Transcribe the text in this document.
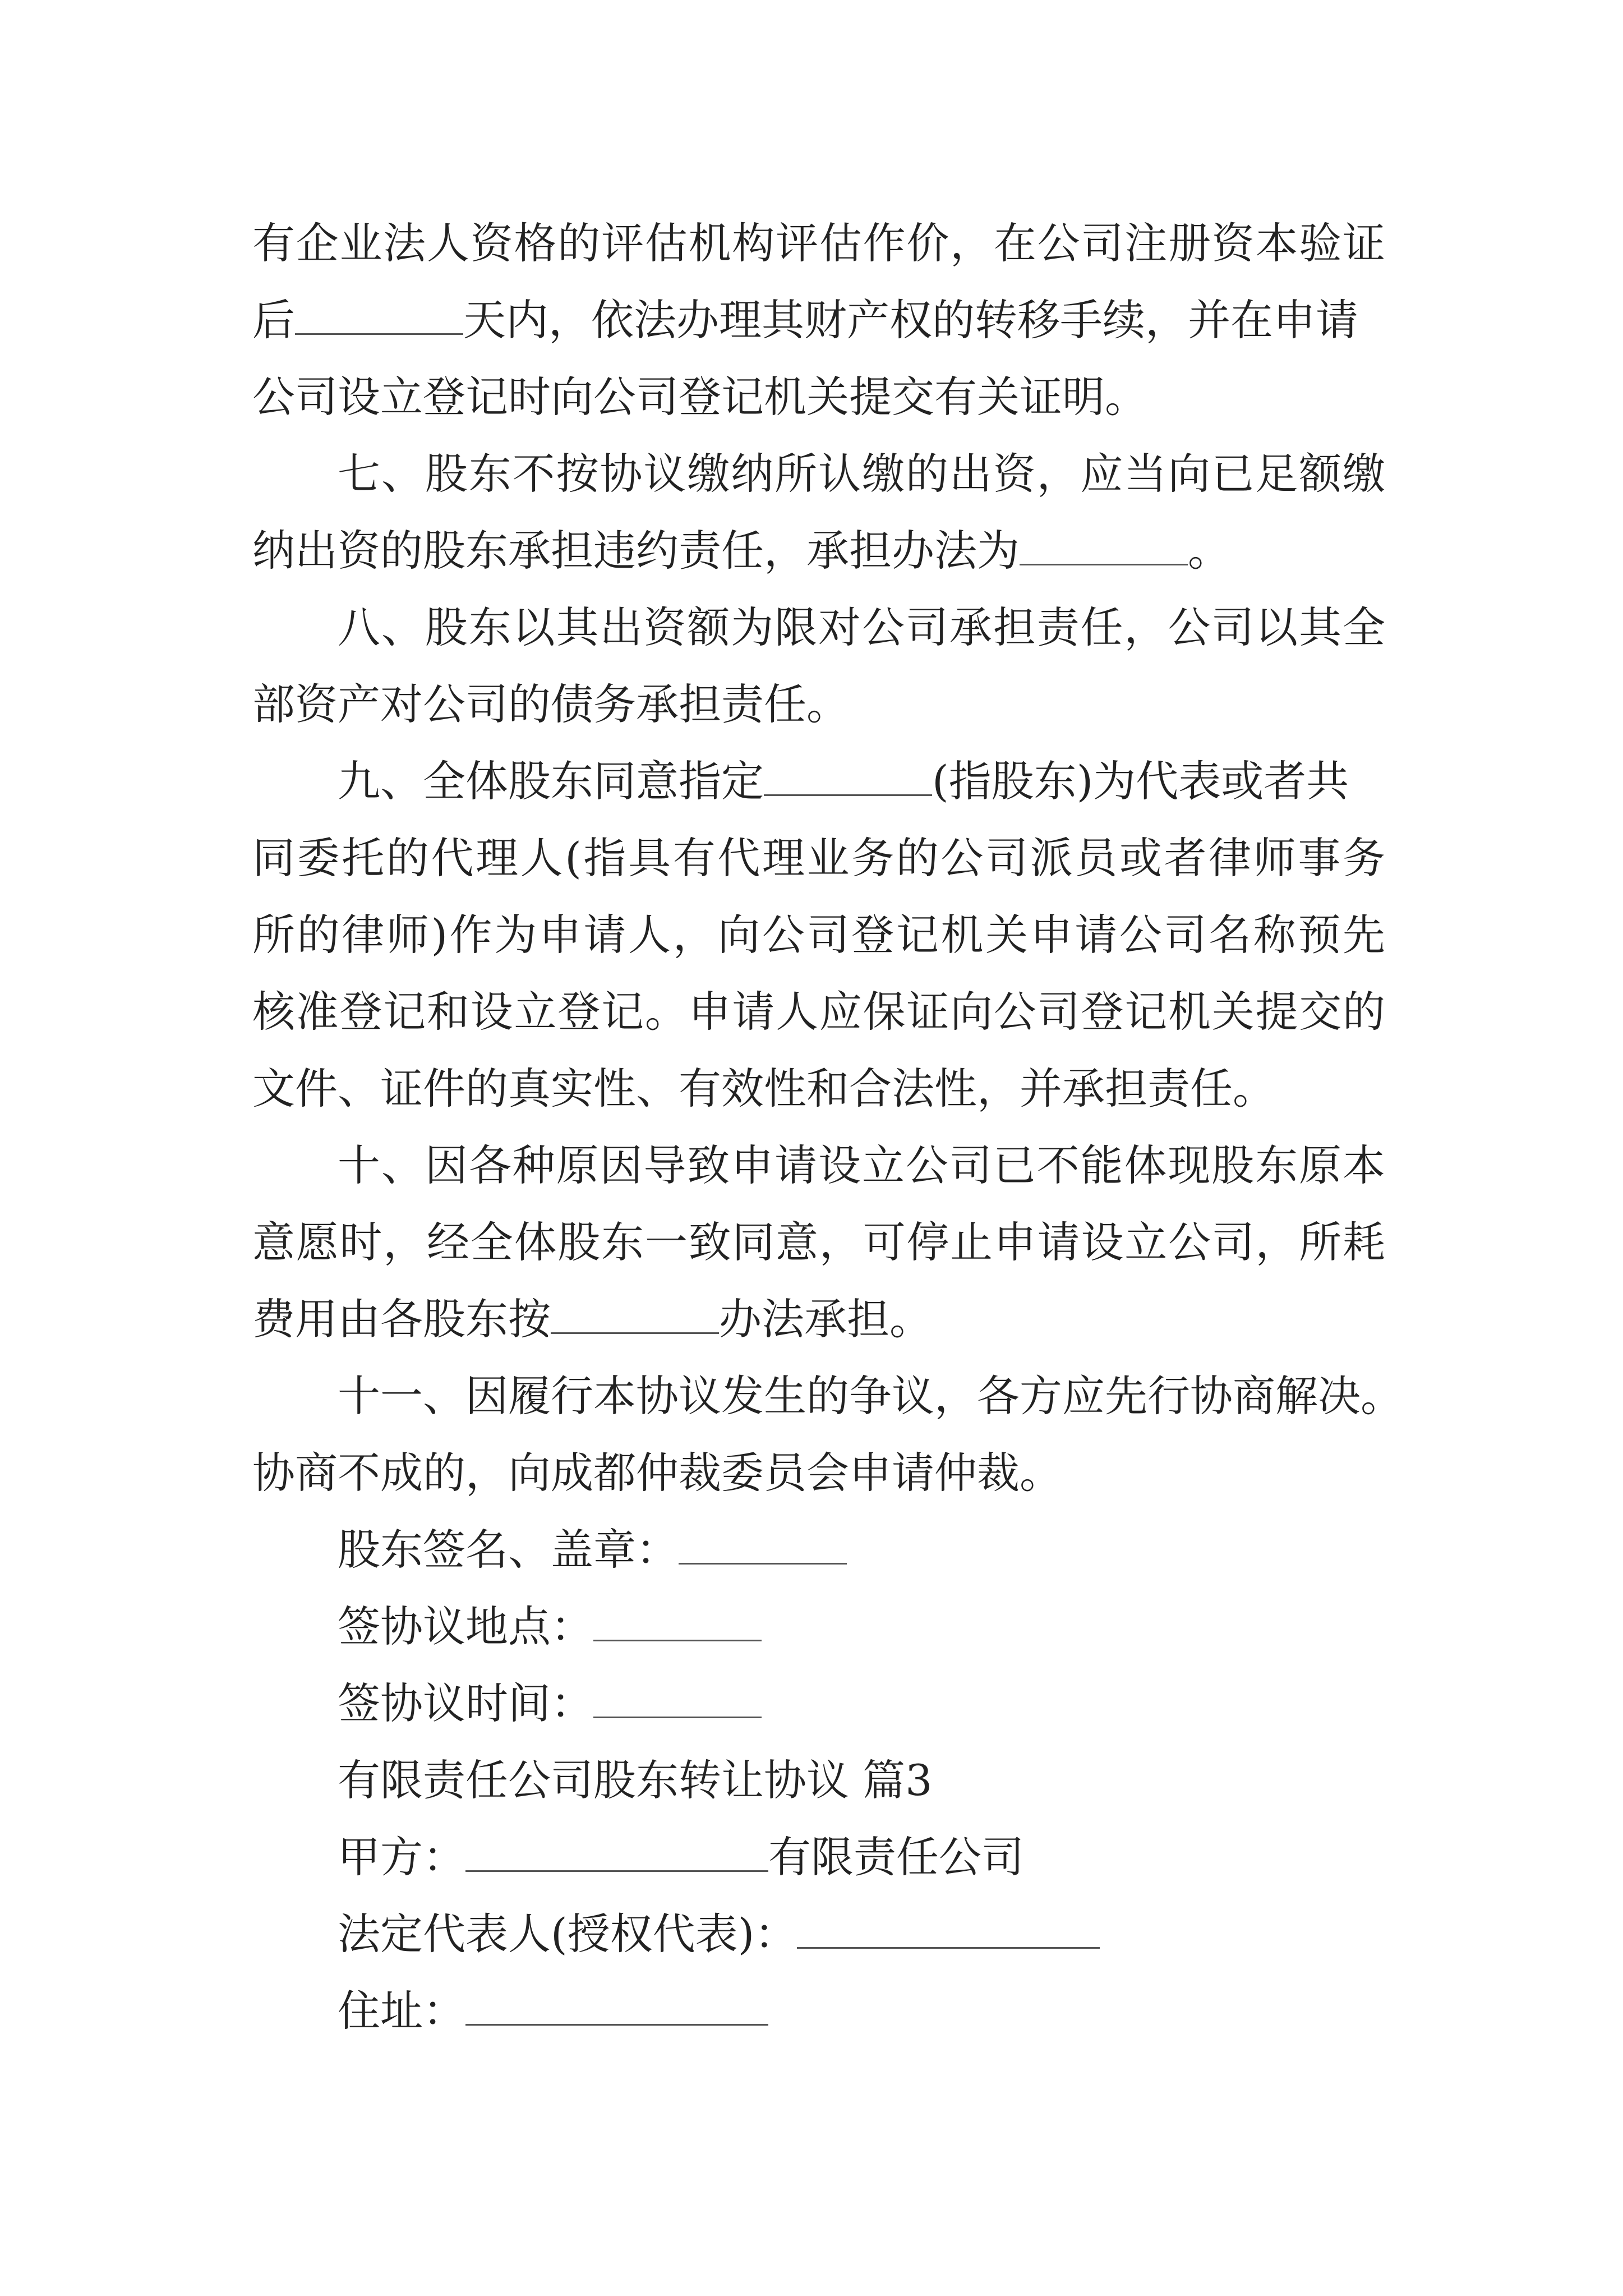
有企业法人资格的评估机构评估作价，在公司注册资本验证
后	天内，依法办理其财产权的转移手续，并在申请
公司设立登记时向公司登记机关提交有关证明。
七、股东不按协议缴纳所认缴的出资，应当向已足额缴
纳出资的股东承担违约责任，承担办法为	。
八、股东以其出资额为限对公司承担责任，公司以其全
部资产对公司的债务承担责任。
九、全体股东同意指定	(指股东)为代表或者共
同委托的代理人(指具有代理业务的公司派员或者律师事务
所的律师)作为申请人，向公司登记机关申请公司名称预先
核准登记和设立登记。申请人应保证向公司登记机关提交的
文件、证件的真实性、有效性和合法性，并承担责任。
十、因各种原因导致申请设立公司已不能体现股东原本
意愿时，经全体股东一致同意，可停止申请设立公司，所耗
费用由各股东按	办法承担。
十一、因履行本协议发生的争议，各方应先行协商解决。
协商不成的，向成都仲裁委员会申请仲裁。
股东签名、盖章：
签协议地点：
签协议时间：
有限责任公司股东转让协议 篇3
甲方：	有限责任公司
法定代表人(授权代表)：
住址：
